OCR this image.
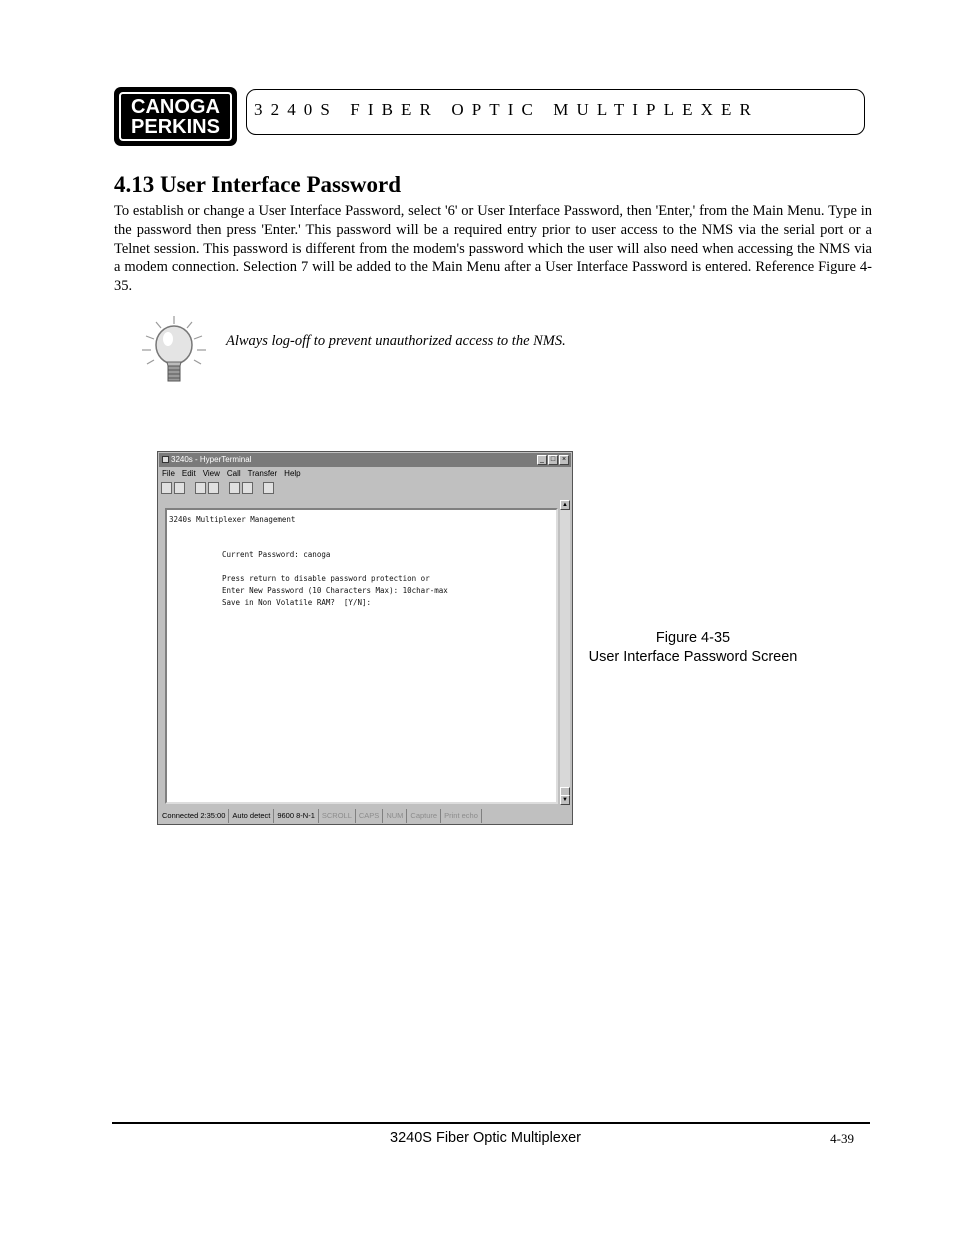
CANOGA
PERKINS
3240S FIBER OPTIC MULTIPLEXER
4.13 User Interface Password
To establish or change a User Interface Password, select '6' or User Interface Password, then 'Enter,' from the Main Menu. Type in the password then press 'Enter.' This password will be a required entry prior to user access to the NMS via the serial port or a Telnet session. This password is different from the modem's password which the user will also need when accessing the NMS via a modem connection. Selection 7 will be added to the Main Menu after a User Interface Password is entered. Reference Figure 4-35.
Always log-off to prevent unauthorized access to the NMS.
3240s - HyperTerminal	_ □ ×
File Edit View Call Transfer Help
3240s Multiplexer Management
Current Password: canoga
Press return to disable password protection or
Enter New Password (10 Characters Max): 10char-max
Save in Non Volatile RAM?  [Y/N]:
▲
▼
Connected 2:35:00 Auto detect 9600 8-N-1 SCROLL CAPS NUM Capture Print echo
Figure 4-35
User Interface Password Screen
3240S Fiber Optic Multiplexer	4-39
